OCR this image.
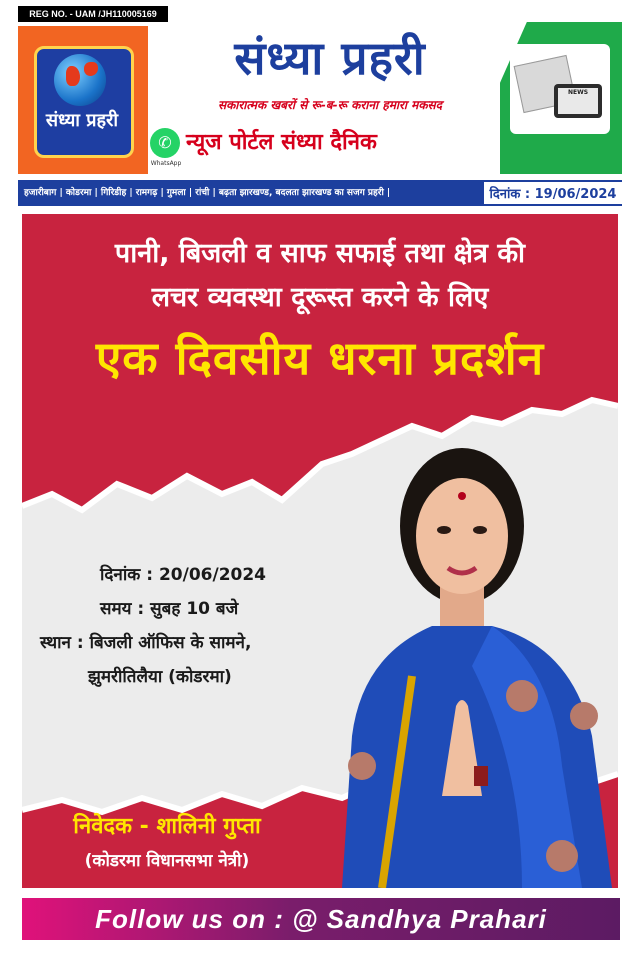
REG NO. - UAM /JH110005169
संध्या प्रहरी
NEWS
संध्या प्रहरी
सकारात्मक खबरों से रू-ब-रू कराना हमारा मकसद
✆
WhatsApp
न्यूज पोर्टल संध्या दैनिक
हजारीबाग | कोडरमा | गिरिडीह | रामगढ़ | गुमला | रांची | बढ़ता झारखण्ड, बदलता झारखण्ड का सजग प्रहरी |	दिनांक : 19/06/2024
पानी, बिजली व साफ सफाई तथा क्षेत्र की
लचर व्यवस्था दूरूस्त करने के लिए
एक दिवसीय धरना प्रदर्शन
दिनांक : 20/06/2024
समय : सुबह 10 बजे
स्थान : बिजली ऑफिस के सामने,
झुमरीतिलैया (कोडरमा)
निवेदक - शालिनी गुप्ता
(कोडरमा विधानसभा नेत्री)
Follow us on : @ Sandhya Prahari
